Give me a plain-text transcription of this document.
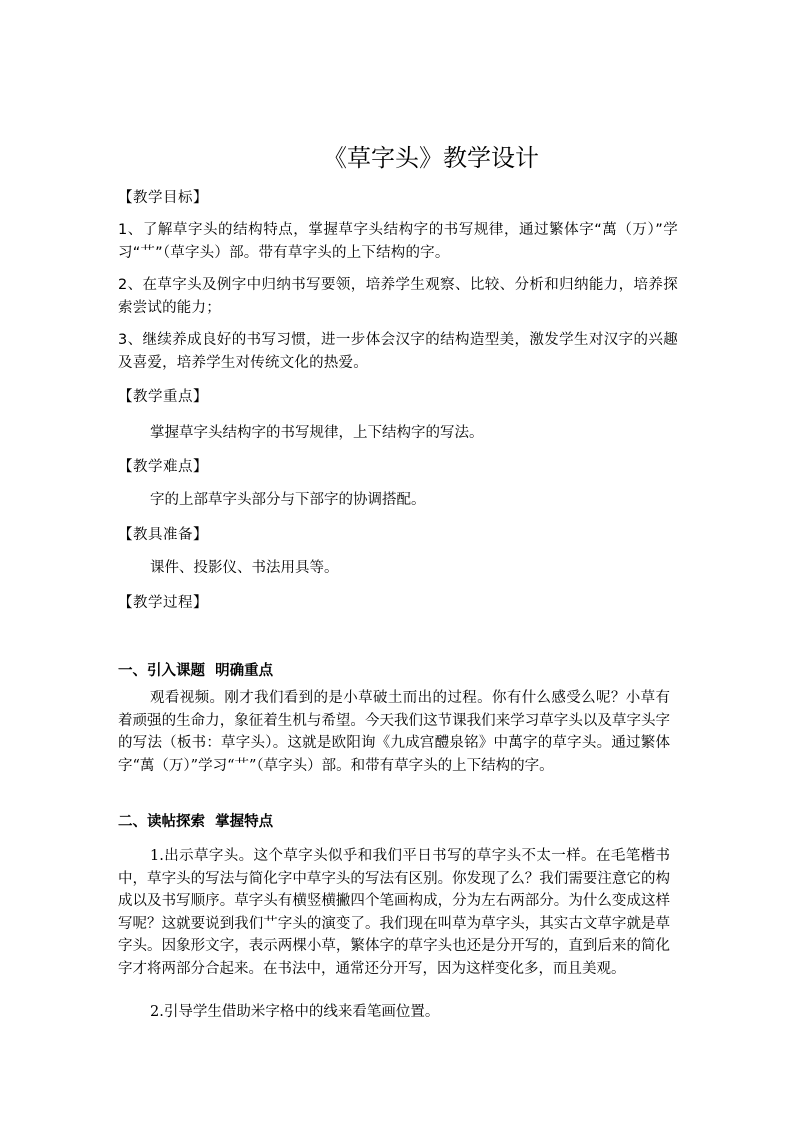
《草字头》教学设计
【教学目标】

1、了解草字头的结构特点，掌握草字头结构字的书写规律，通过繁体字“萬（万）”学习“艹”（草字头）部。带有草字头的上下结构的字。

2、在草字头及例字中归纳书写要领，培养学生观察、比较、分析和归纳能力，培养探索尝试的能力；

3、继续养成良好的书写习惯，进一步体会汉字的结构造型美，激发学生对汉字的兴趣及喜爱，培养学生对传统文化的热爱。

【教学重点】

掌握草字头结构字的书写规律，上下结构字的写法。

【教学难点】

字的上部草字头部分与下部字的协调搭配。

【教具准备】

课件、投影仪、书法用具等。

【教学过程】
一、引入课题  明确重点

观看视频。刚才我们看到的是小草破土而出的过程。你有什么感受么呢？小草有着顽强的生命力，象征着生机与希望。今天我们这节课我们来学习草字头以及草字头字的写法（板书：草字头）。这就是欧阳询《九成宫醴泉铭》中萬字的草字头。通过繁体字“萬（万）”学习“艹”（草字头）部。和带有草字头的上下结构的字。

二、读帖探索  掌握特点

1.出示草字头。这个草字头似乎和我们平日书写的草字头不太一样。在毛笔楷书中，草字头的写法与简化字中草字头的写法有区别。你发现了么？我们需要注意它的构成以及书写顺序。草字头有横竖横撇四个笔画构成，分为左右两部分。为什么变成这样写呢？这就要说到我们艹字头的演变了。我们现在叫草为草字头，其实古文草字就是草字头。因象形文字，表示两棵小草，繁体字的草字头也还是分开写的，直到后来的简化字才将两部分合起来。在书法中，通常还分开写，因为这样变化多，而且美观。

2.引导学生借助米字格中的线来看笔画位置。
